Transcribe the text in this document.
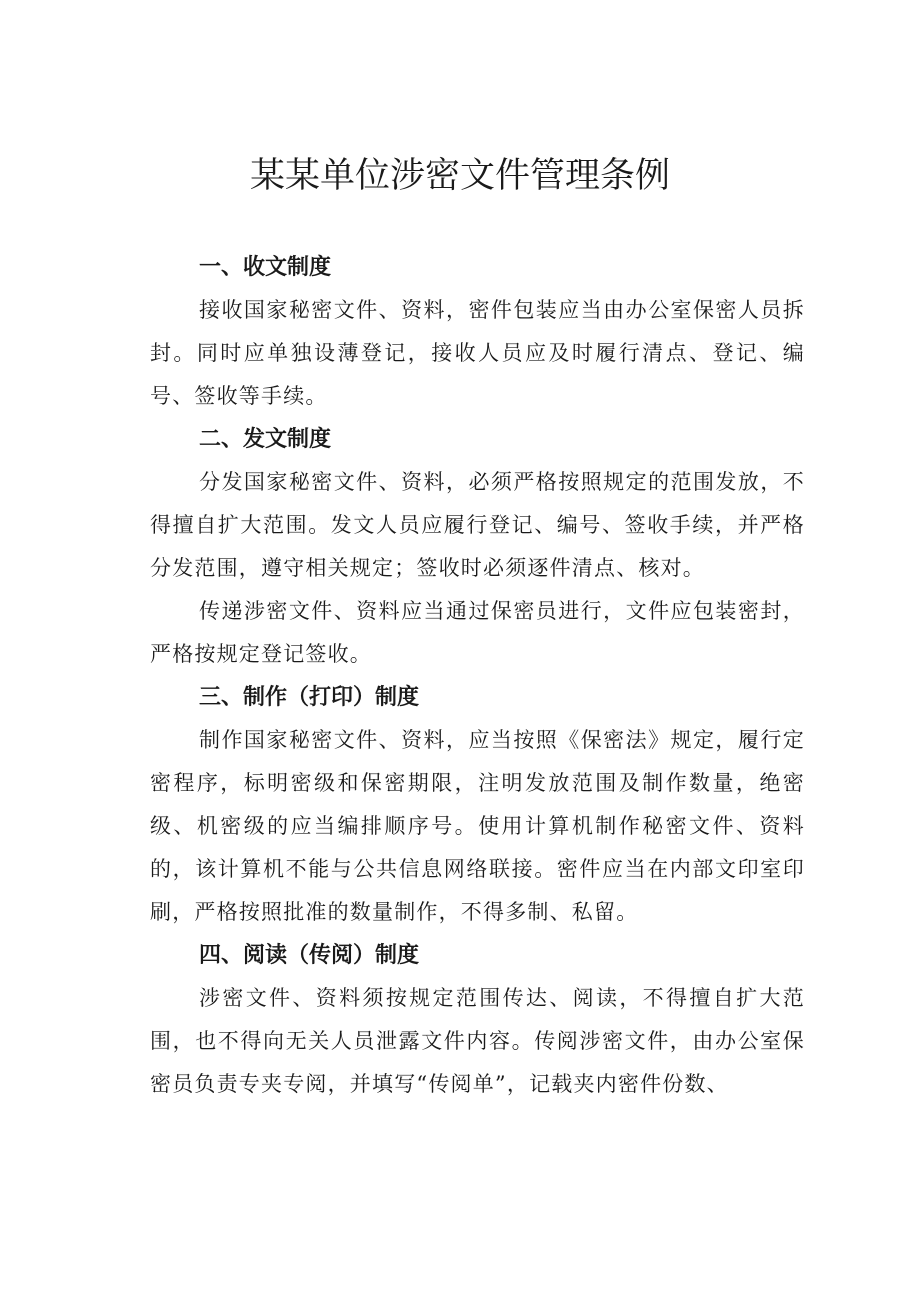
某某单位涉密文件管理条例

一、收文制度

接收国家秘密文件、资料，密件包装应当由办公室保密人员拆封。同时应单独设薄登记，接收人员应及时履行清点、登记、编号、签收等手续。

二、发文制度

分发国家秘密文件、资料，必须严格按照规定的范围发放，不得擅自扩大范围。发文人员应履行登记、编号、签收手续，并严格分发范围，遵守相关规定；签收时必须逐件清点、核对。

传递涉密文件、资料应当通过保密员进行，文件应包装密封，严格按规定登记签收。

三、制作（打印）制度

制作国家秘密文件、资料，应当按照《保密法》规定，履行定密程序，标明密级和保密期限，注明发放范围及制作数量，绝密级、机密级的应当编排顺序号。使用计算机制作秘密文件、资料的，该计算机不能与公共信息网络联接。密件应当在内部文印室印刷，严格按照批准的数量制作，不得多制、私留。

四、阅读（传阅）制度

涉密文件、资料须按规定范围传达、阅读，不得擅自扩大范围，也不得向无关人员泄露文件内容。传阅涉密文件，由办公室保密员负责专夹专阅，并填写“传阅单”，记载夹内密件份数、
